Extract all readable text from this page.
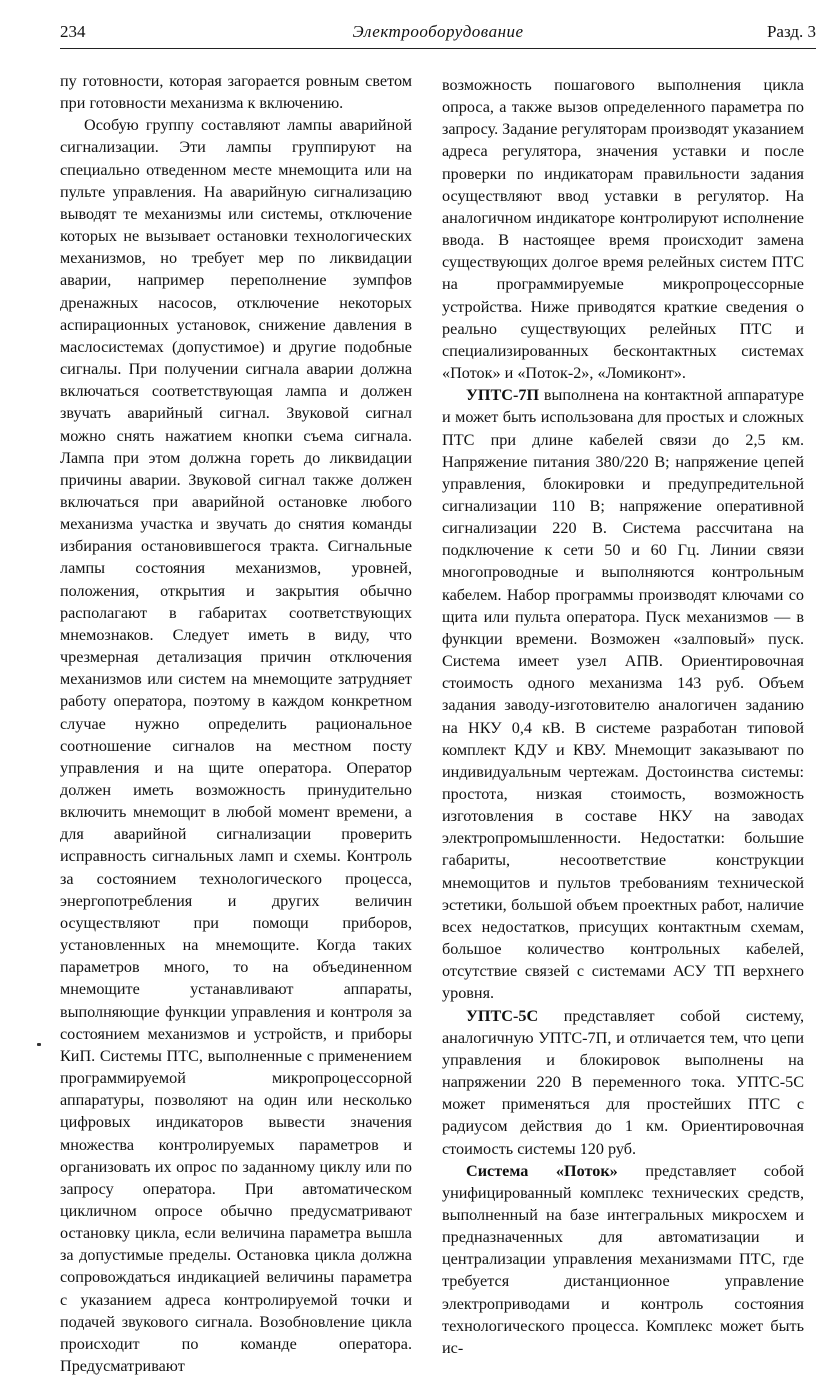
234	Электрооборудование	Разд. 3

пу готовности, которая загорается ровным светом при готовности механизма к включению.

Особую группу составляют лампы аварийной сигнализации. Эти лампы группируют на специально отведенном месте мнемощита или на пульте управления. На аварийную сигнализацию выводят те механизмы или системы, отключение которых не вызывает остановки технологических механизмов, но требует мер по ликвидации аварии, например переполнение зумпфов дренажных насосов, отключение некоторых аспирационных установок, снижение давления в маслосистемах (допустимое) и другие подобные сигналы. При получении сигнала аварии должна включаться соответствующая лампа и должен звучать аварийный сигнал. Звуковой сигнал можно снять нажатием кнопки съема сигнала. Лампа при этом должна гореть до ликвидации причины аварии. Звуковой сигнал также должен включаться при аварийной остановке любого механизма участка и звучать до снятия команды избирания остановившегося тракта. Сигнальные лампы состояния механизмов, уровней, положения, открытия и закрытия обычно располагают в габаритах соответствующих мнемознаков. Следует иметь в виду, что чрезмерная детализация причин отключения механизмов или систем на мнемощите затрудняет работу оператора, поэтому в каждом конкретном случае нужно определить рациональное соотношение сигналов на местном посту управления и на щите оператора. Оператор должен иметь возможность принудительно включить мнемощит в любой момент времени, а для аварийной сигнализации проверить исправность сигнальных ламп и схемы. Контроль за состоянием технологического процесса, энергопотребления и других величин осуществляют при помощи приборов, установленных на мнемощите. Когда таких параметров много, то на объединенном мнемощите устанавливают аппараты, выполняющие функции управления и контроля за состоянием механизмов и устройств, и приборы КиП. Системы ПТС, выполненные с применением программируемой микропроцессорной аппаратуры, позволяют на один или несколько цифровых индикаторов вывести значения множества контролируемых параметров и организовать их опрос по заданному циклу или по запросу оператора. При автоматическом цикличном опросе обычно предусматривают остановку цикла, если величина параметра вышла за допустимые пределы. Остановка цикла должна сопровождаться индикацией величины параметра с указанием адреса контролируемой точки и подачей звукового сигнала. Возобновление цикла происходит по команде оператора. Предусматривают

возможность пошагового выполнения цикла опроса, а также вызов определенного параметра по запросу. Задание регуляторам производят указанием адреса регулятора, значения уставки и после проверки по индикаторам правильности задания осуществляют ввод уставки в регулятор. На аналогичном индикаторе контролируют исполнение ввода. В настоящее время происходит замена существующих долгое время релейных систем ПТС на программируемые микропроцессорные устройства. Ниже приводятся краткие сведения о реально существующих релейных ПТС и специализированных бесконтактных системах «Поток» и «Поток-2», «Ломиконт».

УПТС-7П выполнена на контактной аппаратуре и может быть использована для простых и сложных ПТС при длине кабелей связи до 2,5 км. Напряжение питания 380/220 В; напряжение цепей управления, блокировки и предупредительной сигнализации 110 В; напряжение оперативной сигнализации 220 В. Система рассчитана на подключение к сети 50 и 60 Гц. Линии связи многопроводные и выполняются контрольным кабелем. Набор программы производят ключами со щита или пульта оператора. Пуск механизмов — в функции времени. Возможен «залповый» пуск. Система имеет узел АПВ. Ориентировочная стоимость одного механизма 143 руб. Объем задания заводу-изготовителю аналогичен заданию на НКУ 0,4 кВ. В системе разработан типовой комплект КДУ и КВУ. Мнемощит заказывают по индивидуальным чертежам. Достоинства системы: простота, низкая стоимость, возможность изготовления в составе НКУ на заводах электропромышленности. Недостатки: большие габариты, несоответствие конструкции мнемощитов и пультов требованиям технической эстетики, большой объем проектных работ, наличие всех недостатков, присущих контактным схемам, большое количество контрольных кабелей, отсутствие связей с системами АСУ ТП верхнего уровня.

УПТС-5С представляет собой систему, аналогичную УПТС-7П, и отличается тем, что цепи управления и блокировок выполнены на напряжении 220 В переменного тока. УПТС-5С может применяться для простейших ПТС с радиусом действия до 1 км. Ориентировочная стоимость системы 120 руб.

Система «Поток» представляет собой унифицированный комплекс технических средств, выполненный на базе интегральных микросхем и предназначенных для автоматизации и централизации управления механизмами ПТС, где требуется дистанционное управление электроприводами и контроль состояния технологического процесса. Комплекс может быть ис-
